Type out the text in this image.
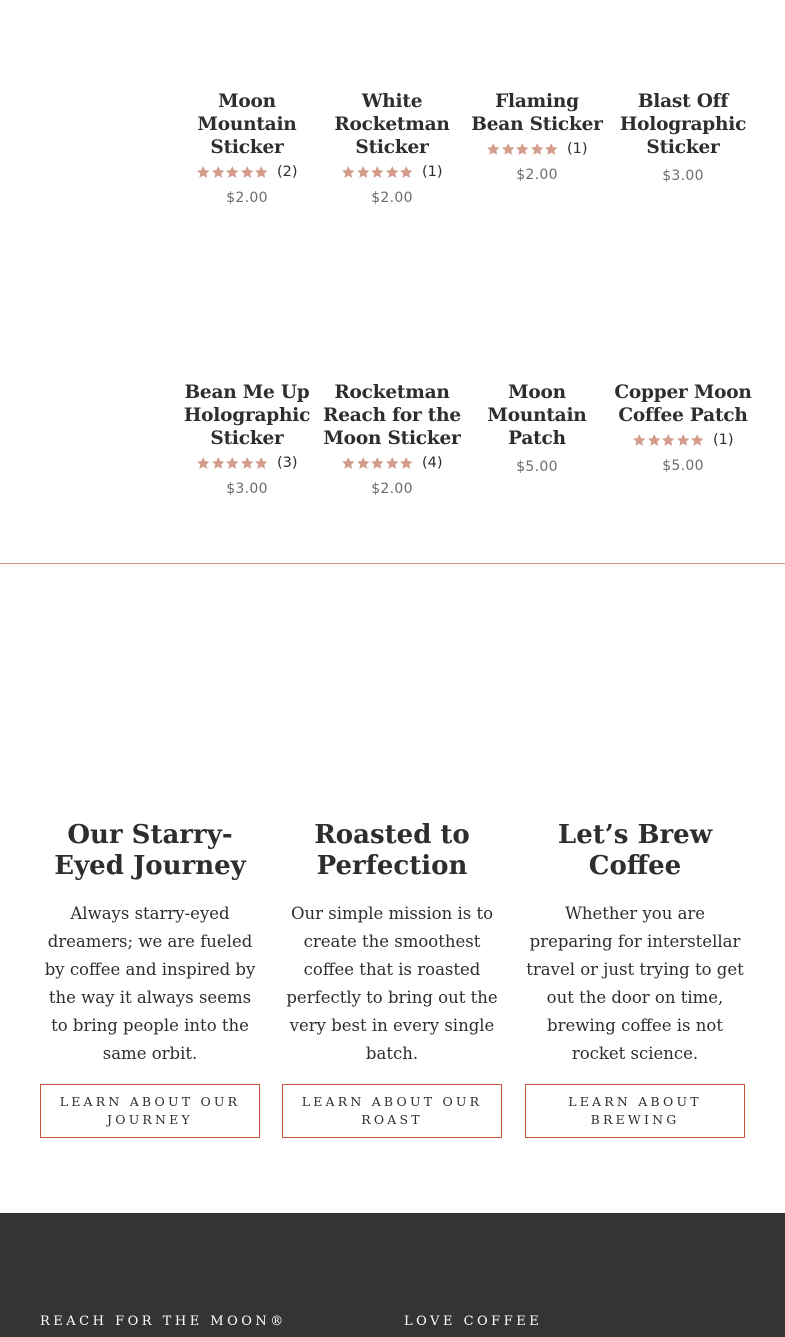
Moon Mountain Sticker
(2)
$2.00
White Rocketman Sticker
(1)
$2.00
Flaming Bean Sticker
(1)
$2.00
Blast Off Holographic Sticker
$3.00
Bean Me Up Holographic Sticker
(3)
$3.00
Rocketman Reach for the Moon Sticker
(4)
$2.00
Moon Mountain Patch
$5.00
Copper Moon Coffee Patch
(1)
$5.00
Our Starry-Eyed Journey

Always starry-eyed dreamers; we are fueled by coffee and inspired by the way it always seems to bring people into the same orbit.

Roasted to Perfection

Our simple mission is to create the smoothest coffee that is roasted perfectly to bring out the very best in every single batch.

Let’s Brew Coffee

Whether you are preparing for interstellar travel or just trying to get out the door on time, brewing coffee is not rocket science.

LEARN ABOUT OUR JOURNEY
LEARN ABOUT OUR ROAST
LEARN ABOUT BREWING
REACH FOR THE MOON®	LOVE COFFEE
